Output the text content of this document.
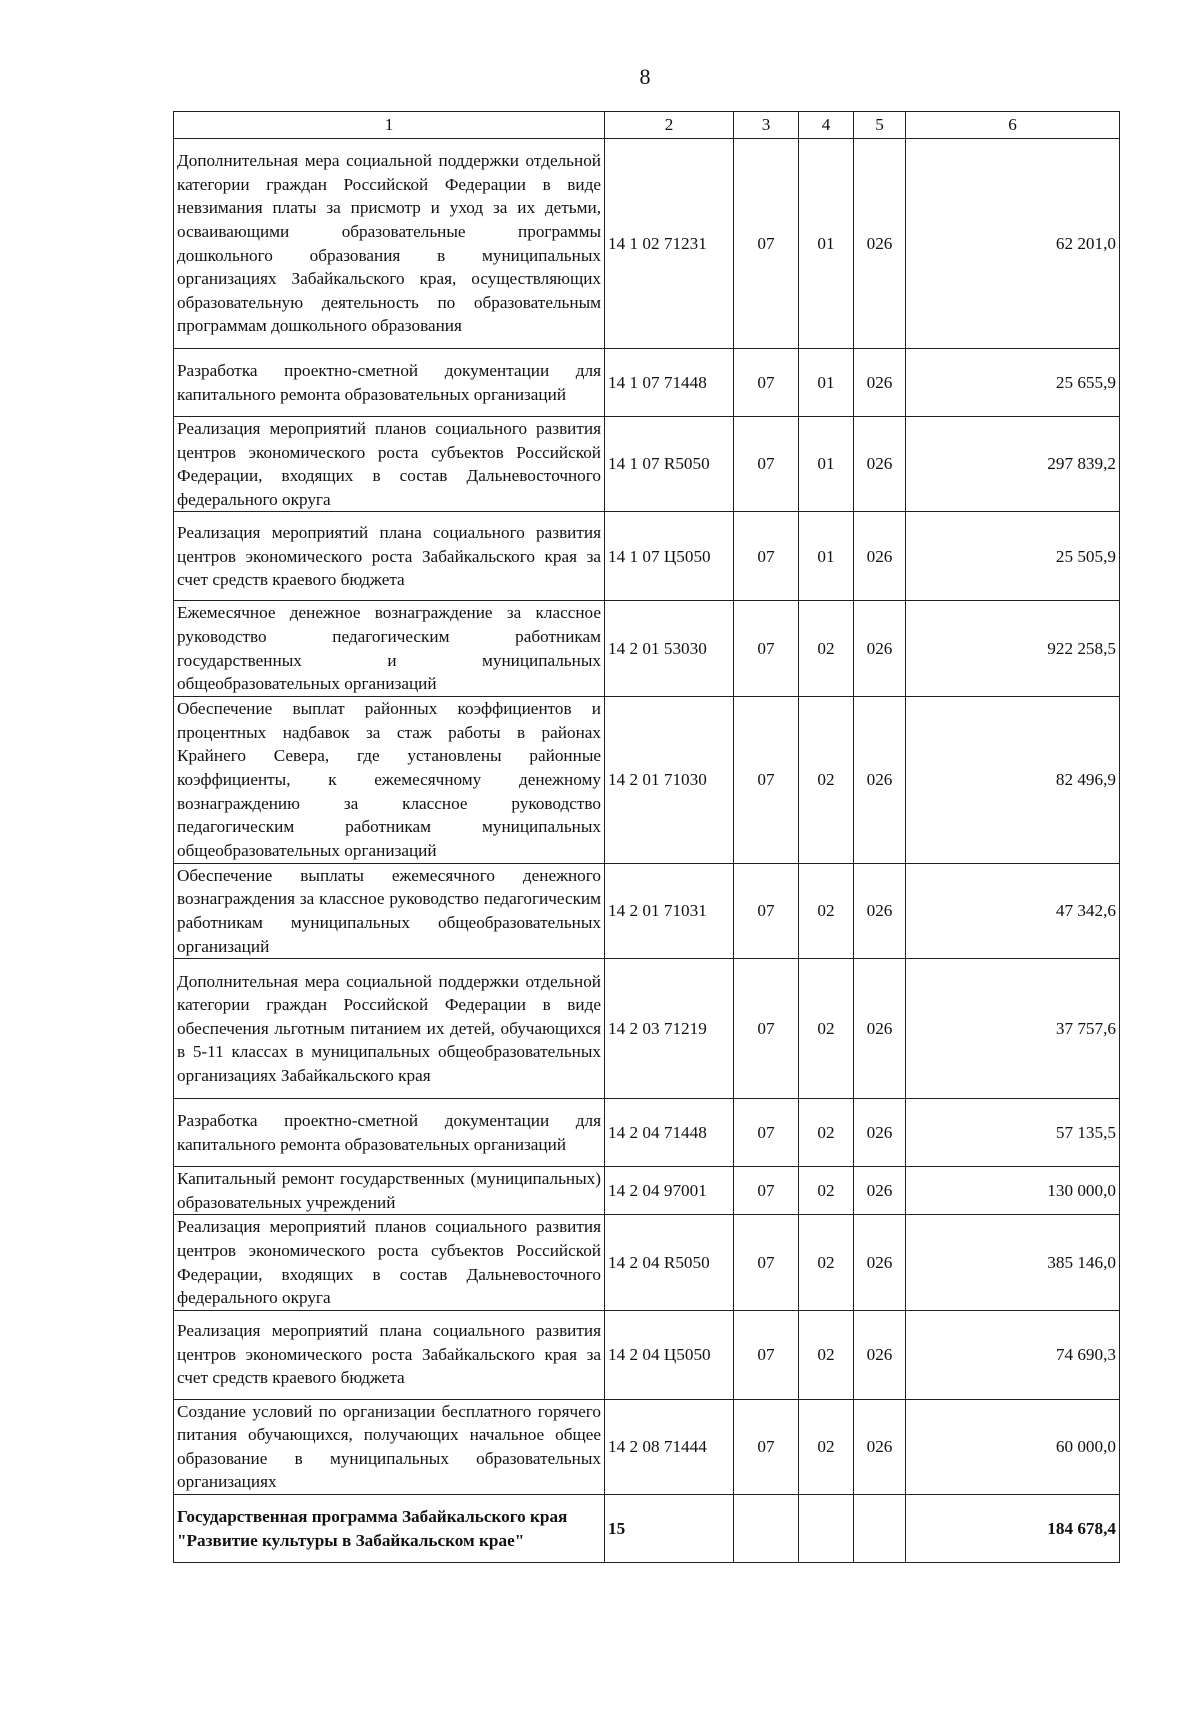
8
1	2	3	4	5	6
Дополнительная мера социальной поддержки отдельной категории граждан Российской Федерации в виде невзимания платы за присмотр и уход за их детьми, осваивающими образовательные программы дошкольного образования в муниципальных организациях Забайкальского края, осуществляющих образовательную деятельность по образовательным программам дошкольного образования	14 1 02 71231	07	01	026	62 201,0
Разработка проектно-сметной документации для капитального ремонта образовательных организаций	14 1 07 71448	07	01	026	25 655,9
Реализация мероприятий планов социального развития центров экономического роста субъектов Российской Федерации, входящих в состав Дальневосточного федерального округа	14 1 07 R5050	07	01	026	297 839,2
Реализация мероприятий плана социального развития центров экономического роста Забайкальского края за счет средств краевого бюджета	14 1 07 Ц5050	07	01	026	25 505,9
Ежемесячное денежное вознаграждение за классное руководство педагогическим работникам государственных и муниципальных общеобразовательных организаций	14 2 01 53030	07	02	026	922 258,5
Обеспечение выплат районных коэффициентов и процентных надбавок за стаж работы в районах Крайнего Севера, где установлены районные коэффициенты, к ежемесячному денежному вознаграждению за классное руководство педагогическим работникам муниципальных общеобразовательных организаций	14 2 01 71030	07	02	026	82 496,9
Обеспечение выплаты ежемесячного денежного вознаграждения за классное руководство педагогическим работникам муниципальных общеобразовательных организаций	14 2 01 71031	07	02	026	47 342,6
Дополнительная мера социальной поддержки отдельной категории граждан Российской Федерации в виде обеспечения льготным питанием их детей, обучающихся в 5-11 классах в муниципальных общеобразовательных организациях Забайкальского края	14 2 03 71219	07	02	026	37 757,6
Разработка проектно-сметной документации для капитального ремонта образовательных организаций	14 2 04 71448	07	02	026	57 135,5
Капитальный ремонт государственных (муниципальных) образовательных учреждений	14 2 04 97001	07	02	026	130 000,0
Реализация мероприятий планов социального развития центров экономического роста субъектов Российской Федерации, входящих в состав Дальневосточного федерального округа	14 2 04 R5050	07	02	026	385 146,0
Реализация мероприятий плана социального развития центров экономического роста Забайкальского края за счет средств краевого бюджета	14 2 04 Ц5050	07	02	026	74 690,3
Создание условий по организации бесплатного горячего питания обучающихся, получающих начальное общее образование в муниципальных образовательных организациях	14 2 08 71444	07	02	026	60 000,0
Государственная программа Забайкальского края "Развитие культуры в Забайкальском крае"	15				184 678,4
